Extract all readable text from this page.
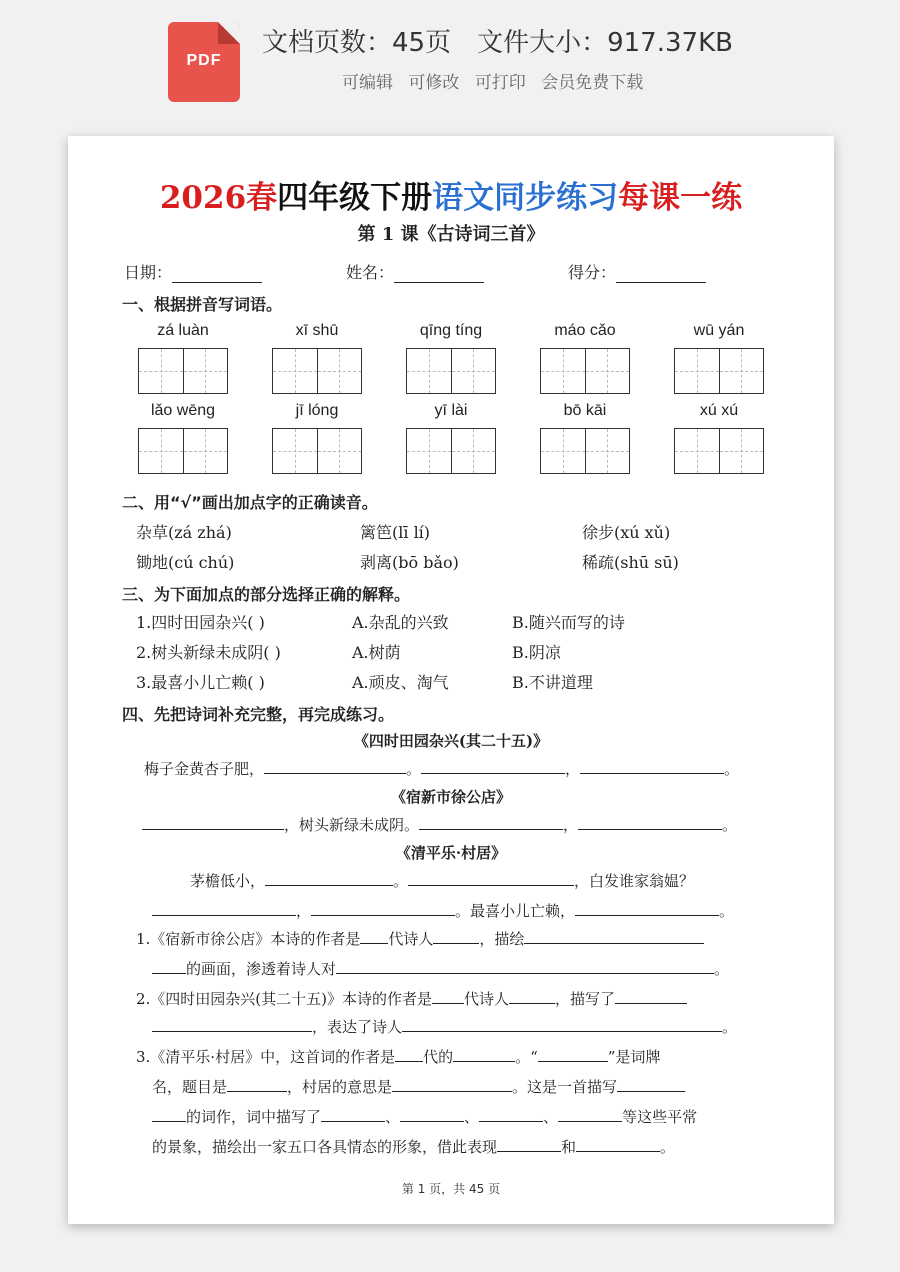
PDF
文档页数：45页 文件大小：917.37KB
可编辑 可修改 可打印 会员免费下载
2026春四年级下册语文同步练习每课一练
第 1 课《古诗词三首》
日期：	姓名：	得分：
一、根据拼音写词语。
zá luàn	xī shū	qīng tíng	máo cǎo	wū yán
lǎo wēng	jī lóng	yī lài	bō kāi	xú xú
二、用“√”画出加点字的正确读音。
杂草(zá zhá)	篱笆(lī lí)	徐步(xú xǔ)
锄地(cú chú)	剥离(bō bǎo)	稀疏(shū sū)
三、为下面加点的部分选择正确的解释。
1.四时田园杂兴( )	A.杂乱的兴致	B.随兴而写的诗
2.树头新绿未成阴( )	A.树荫	B.阴凉
3.最喜小儿亡赖( )	A.顽皮、淘气	B.不讲道理
四、先把诗词补充完整，再完成练习。
《四时田园杂兴(其二十五)》
梅子金黄杏子肥，	。	，	。
《宿新市徐公店》
，树头新绿未成阴。	，	。
《清平乐·村居》
茅檐低小，	。	，白发谁家翁媪？
，	。最喜小儿亡赖，	。
1.《宿新市徐公店》本诗的作者是 代诗人	，描绘
的画面，渗透着诗人对	。
2.《四时田园杂兴(其二十五)》本诗的作者是 代诗人	，描写了
，表达了诗人	。
3.《清平乐·村居》中，这首词的作者是 代的	。“	”是词牌
名，题目是	，村居的意思是	。这是一首描写
的词作，词中描写了	、	、	、	等这些平常
的景象，描绘出一家五口各具情态的形象，借此表现	和	。
第 1 页，共 45 页
